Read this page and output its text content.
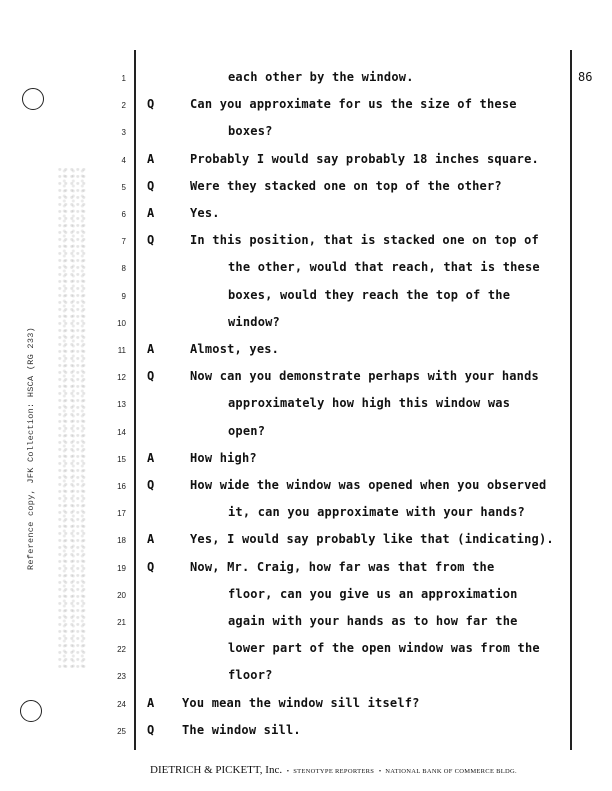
Reference copy, JFK Collection: HSCA (RG 233)
86
1	each other by the window.
2 Q	Can you approximate for us the size of these
3	boxes?
4 A	Probably I would say probably 18 inches square.
5 Q	Were they stacked one on top of the other?
6 A	Yes.
7 Q	In this position, that is stacked one on top of
8	the other, would that reach, that is these
9	boxes, would they reach the top of the
10	window?
11 A	Almost, yes.
12 Q	Now can you demonstrate perhaps with your hands
13	approximately how high this window was
14	open?
15 A	How high?
16 Q	How wide the window was opened when you observed
17	it, can you approximate with your hands?
18 A	Yes, I would say probably like that (indicating).
19 Q	Now, Mr. Craig, how far was that from the
20	floor, can you give us an approximation
21	again with your hands as to how far the
22	lower part of the open window was from the
23	floor?
24 A You mean the window sill itself?
25 Q The window sill.
DIETRICH & PICKETT, Inc.  •  STENOTYPE REPORTERS  •  NATIONAL BANK OF COMMERCE BLDG.
